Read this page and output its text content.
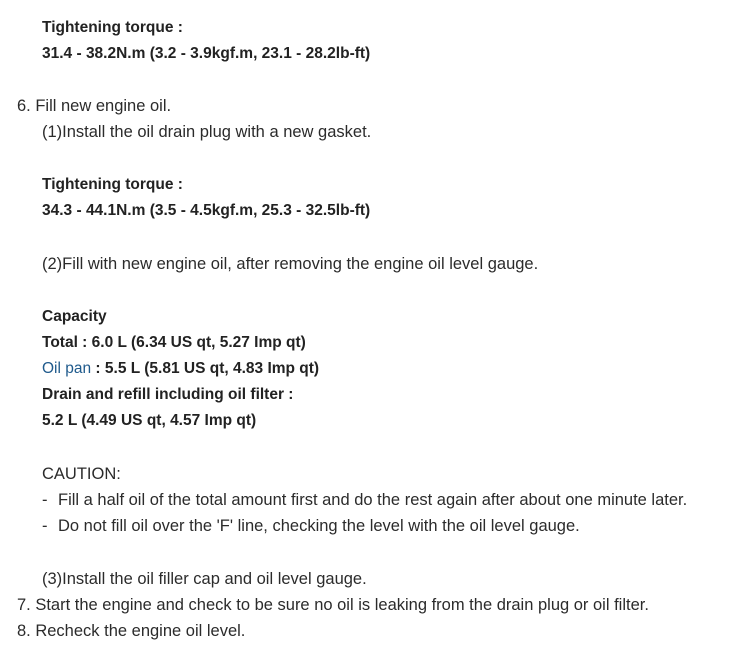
Tightening torque :
31.4 - 38.2N.m (3.2 - 3.9kgf.m, 23.1 - 28.2lb-ft)
6. Fill new engine oil.
(1)Install the oil drain plug with a new gasket.
Tightening torque :
34.3 - 44.1N.m (3.5 - 4.5kgf.m, 25.3 - 32.5lb-ft)
(2)Fill with new engine oil, after removing the engine oil level gauge.
Capacity
Total : 6.0 L (6.34 US qt, 5.27 Imp qt)
Oil pan : 5.5 L (5.81 US qt, 4.83 Imp qt)
Drain and refill including oil filter :
5.2 L (4.49 US qt, 4.57 Imp qt)
CAUTION:
- Fill a half oil of the total amount first and do the rest again after about one minute later.
- Do not fill oil over the 'F' line, checking the level with the oil level gauge.
(3)Install the oil filler cap and oil level gauge.
7. Start the engine and check to be sure no oil is leaking from the drain plug or oil filter.
8. Recheck the engine oil level.
